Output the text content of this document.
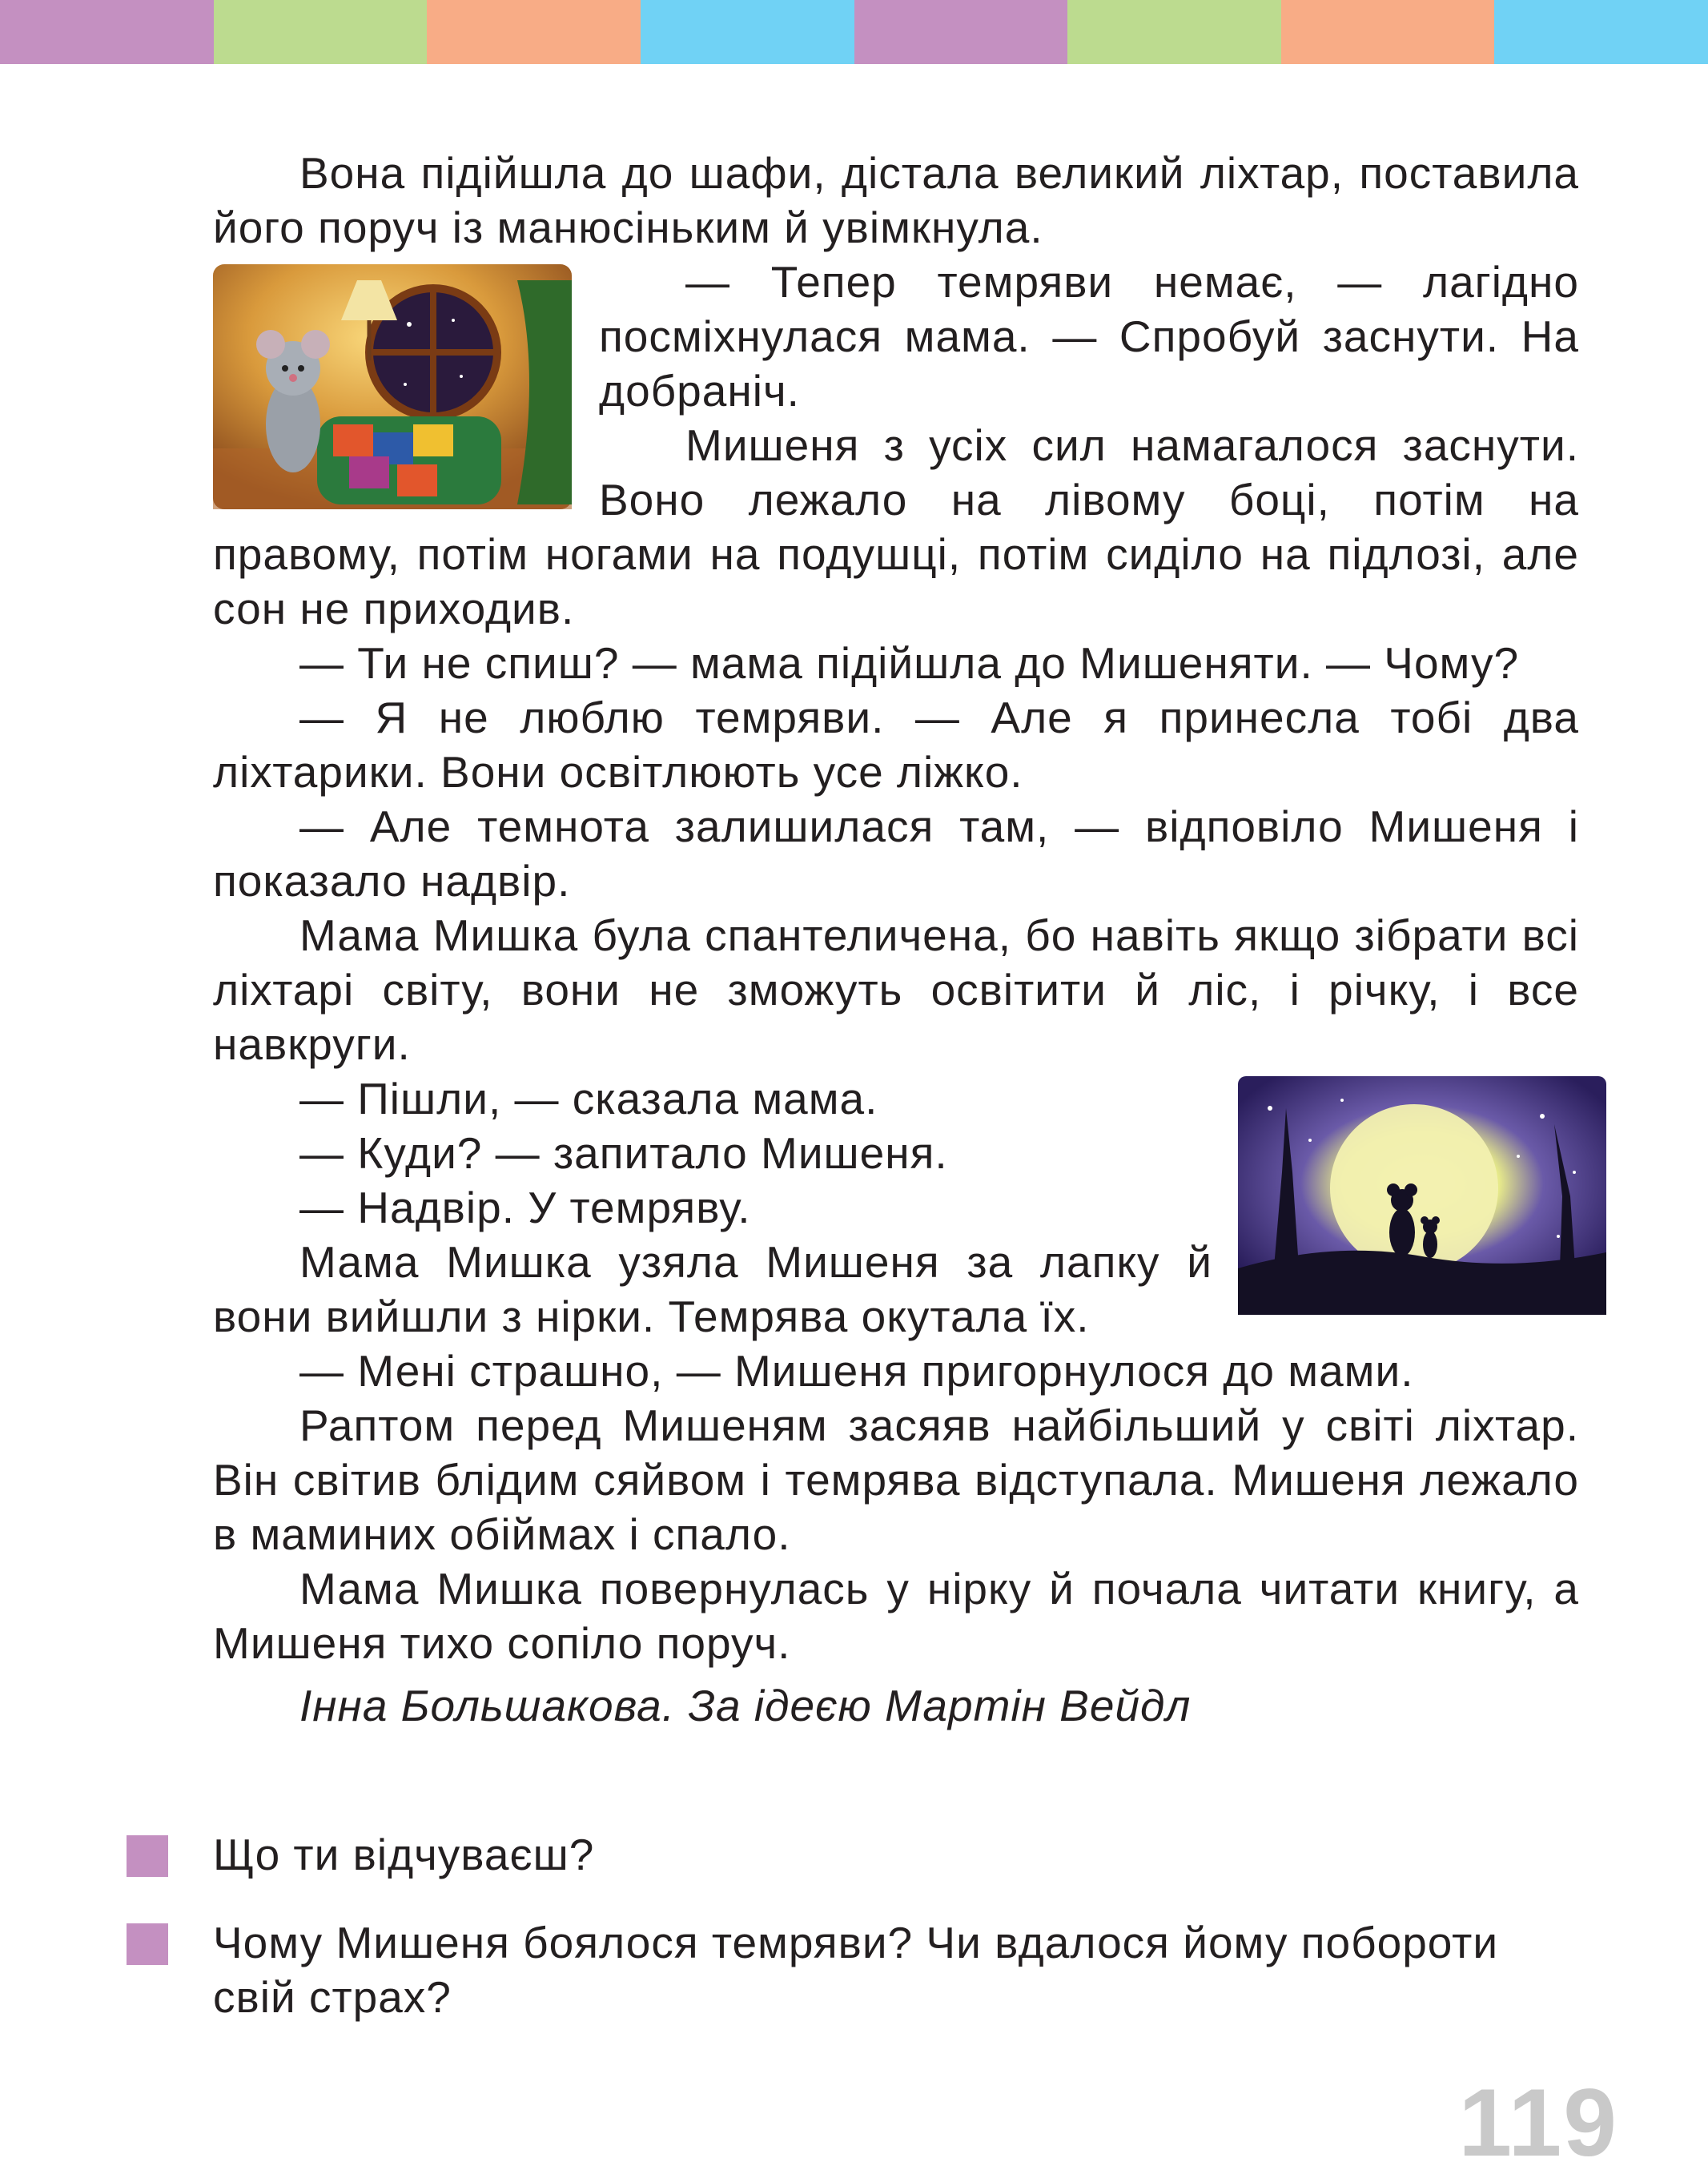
Вона підійшла до шафи, дістала великий ліхтар, поставила його поруч із манюсіньким й увімкнула.

— Тепер темряви немає, — лагідно посміхнулася мама. — Спробуй заснути. На добраніч.

Мишеня з усіх сил намагалося заснути. Воно лежало на лівому боці, потім на правому, потім ногами на подушці, потім сиділо на підлозі, але сон не приходив.

— Ти не спиш? — мама підійшла до Мишеняти. — Чому?

— Я не люблю темряви. — Але я принесла тобі два ліхтарики. Вони освітлюють усе ліжко.

— Але темнота залишилася там, — відповіло Мишеня і показало надвір.

Мама Мишка була спантеличена, бо навіть якщо зібрати всі ліхтарі світу, вони не зможуть освітити й ліс, і річку, і все навкруги.

— Пішли, — сказала мама.

— Куди? — запитало Мишеня.

— Надвір. У темряву.

Мама Мишка узяла Мишеня за лапку й вони вийшли з нірки. Темрява окутала їх.

— Мені страшно, — Мишеня пригорнулося до мами.

Раптом перед Мишеням засяяв найбільший у світі ліхтар. Він світив блідим сяйвом і темрява відступала. Мишеня лежало в маминих обіймах і спало.

Мама Мишка повернулась у нірку й почала читати книгу, а Мишеня тихо сопіло поруч.

Інна Большакова. За ідеєю Мартін Вейдл

Що ти відчуваєш?
Чому Мишеня боялося темряви? Чи вдалося йому побороти свій страх?
119
